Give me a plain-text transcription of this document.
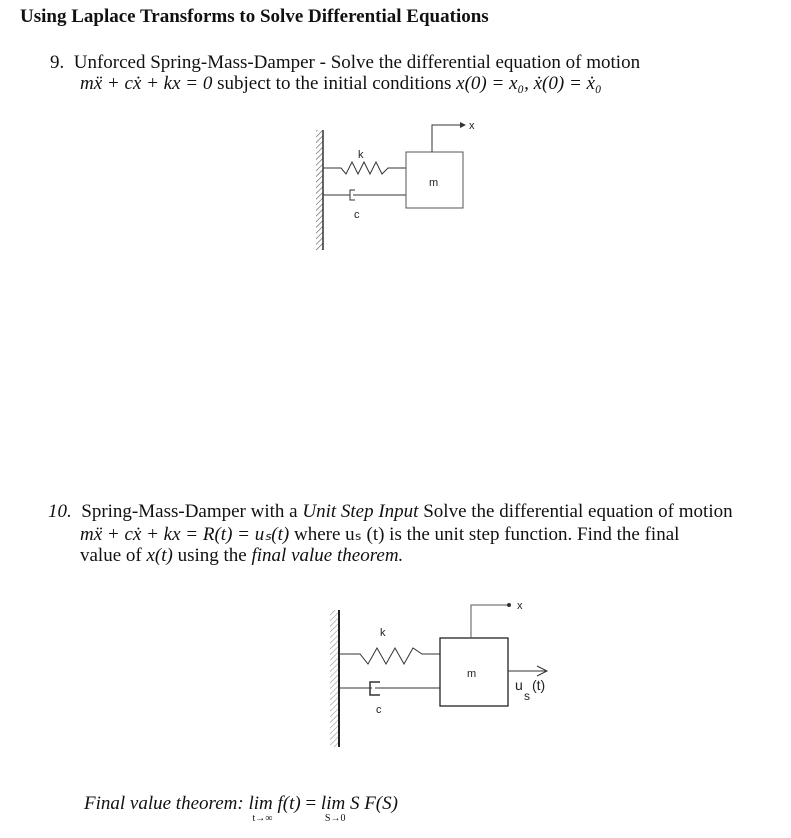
Using Laplace Transforms to Solve Differential Equations
9. Unforced Spring-Mass-Damper - Solve the differential equation of motion
mẍ + cẋ + kx = 0 subject to the initial conditions x(0) = x₀, ẋ(0) = ẋ₀
k
c
m
x
k
c
m
x
u
s
(t)
10. Spring-Mass-Damper with a Unit Step Input Solve the differential equation of motion
mẍ + cẋ + kx = R(t) = uₛ(t) where uₛ (t) is the unit step function. Find the final
value of x(t) using the final value theorem.
Final value theorem: lim f(t)
t→∞
= lim S F(S)
S→0
